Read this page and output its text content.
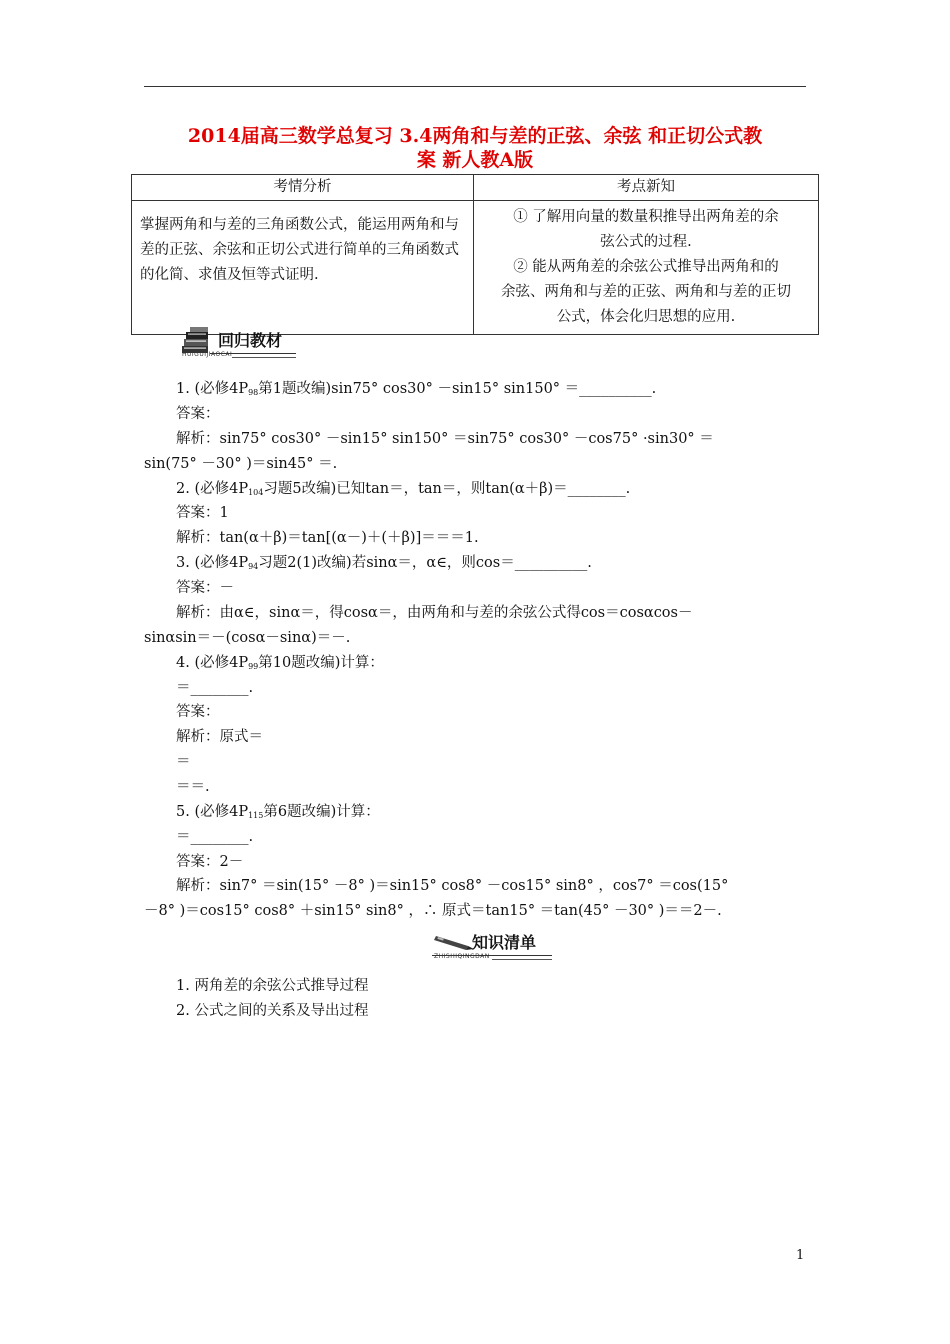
2014届高三数学总复习 3.4两角和与差的正弦、余弦 和正切公式教
案 新人教A版
考情分析	考点新知
掌握两角和与差的三角函数公式，能运用两角和与差的正弦、余弦和正切公式进行简单的三角函数式的化简、求值及恒等式证明.	① 了解用向量的数量积推导出两角差的余
弦公式的过程.
② 能从两角差的余弦公式推导出两角和的
余弦、两角和与差的正弦、两角和与差的正切
公式，体会化归思想的应用.
回归教材
HUIGUIJIAOCAI
1. (必修$4P_{98}$第1题改编)sin75° cos30° －sin15° sin150° ＝__________.
答案：
解析：sin75° cos30° －sin15° sin150° ＝sin75° cos30° －cos75° ·sin30° ＝
sin(75° －30° )＝sin45° ＝.
2. (必修$4P_{104}$习题5改编)已知tan＝，tan＝，则tan(α＋β)＝________.
答案：1
解析：tan(α＋β)＝tan[(α－)＋(＋β)]＝＝＝1.
3. (必修$4P_{94}$习题2(1)改编)若sinα＝，α∈，则cos＝__________.
答案：－
解析：由α∈，sinα＝，得cosα＝，由两角和与差的余弦公式得cos＝cosαcos－
sinαsin＝－(cosα－sinα)＝－.
4. (必修$4P_{99}$第10题改编)计算：
＝________.
答案：
解析：原式＝
＝
＝＝.
5. (必修$4P_{115}$第6题改编)计算：
＝________.
答案：2－
解析：sin7° ＝sin(15° －8° )＝sin15° cos8° －cos15° sin8° ，cos7° ＝cos(15°
－8° )＝cos15° cos8° ＋sin15° sin8° ，∴ 原式＝tan15° ＝tan(45° －30° )＝＝2－.
知识清单
ZHISHIQINGDAN
1. 两角差的余弦公式推导过程
2. 公式之间的关系及导出过程
1
